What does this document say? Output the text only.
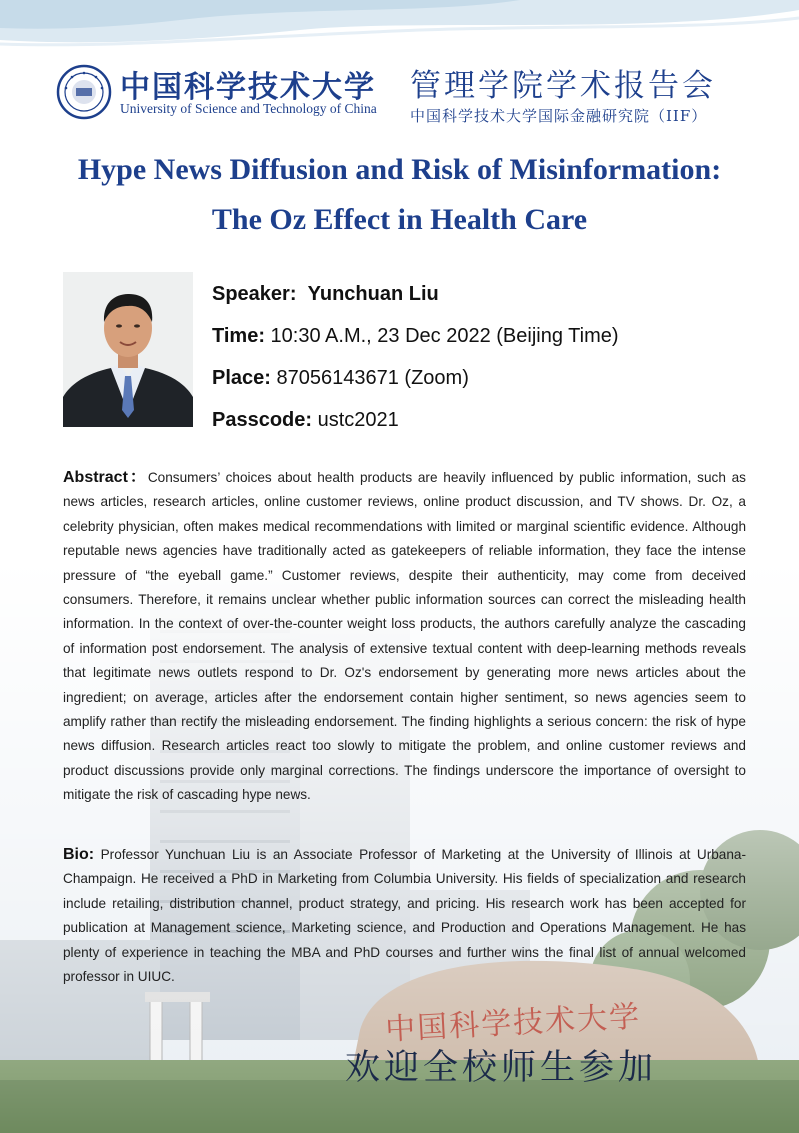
中国科学技术大学
University of Science and Technology of China
管理学院学术报告会
中国科学技术大学国际金融研究院（IIF）
Hype News Diffusion and Risk of Misinformation:
The Oz Effect in Health Care
Speaker: Yunchuan Liu
Time: 10:30 A.M., 23 Dec 2022 (Beijing Time)
Place: 87056143671 (Zoom)
Passcode: ustc2021
Abstract：Consumers’ choices about health products are heavily influenced by public information, such as news articles, research articles, online customer reviews, online product discussion, and TV shows. Dr. Oz, a celebrity physician, often makes medical recommendations with limited or marginal scientific evidence. Although reputable news agencies have traditionally acted as gatekeepers of reliable information, they face the intense pressure of “the eyeball game.” Customer reviews, despite their authenticity, may come from deceived consumers. Therefore, it remains unclear whether public information sources can correct the misleading health information. In the context of over-the-counter weight loss products, the authors carefully analyze the cascading of information post endorsement. The analysis of extensive textual content with deep-learning methods reveals that legitimate news outlets respond to Dr. Oz's endorsement by generating more news articles about the ingredient; on average, articles after the endorsement contain higher sentiment, so news agencies seem to amplify rather than rectify the misleading endorsement. The finding highlights a serious concern: the risk of hype news diffusion. Research articles react too slowly to mitigate the problem, and online customer reviews and product discussions provide only marginal corrections. The findings underscore the importance of oversight to mitigate the risk of cascading hype news.
Bio: Professor Yunchuan Liu is an Associate Professor of Marketing at the University of Illinois at Urbana-Champaign. He received a PhD in Marketing from Columbia University. His fields of specialization and research include retailing, distribution channel, product strategy, and pricing. His research work has been accepted for publication at Management science, Marketing science, and Production and Operations Management. He has plenty of experience in teaching the MBA and PhD courses and further wins the final list of annual welcomed professor in UIUC.
中国科学技术大学
欢迎全校师生参加
